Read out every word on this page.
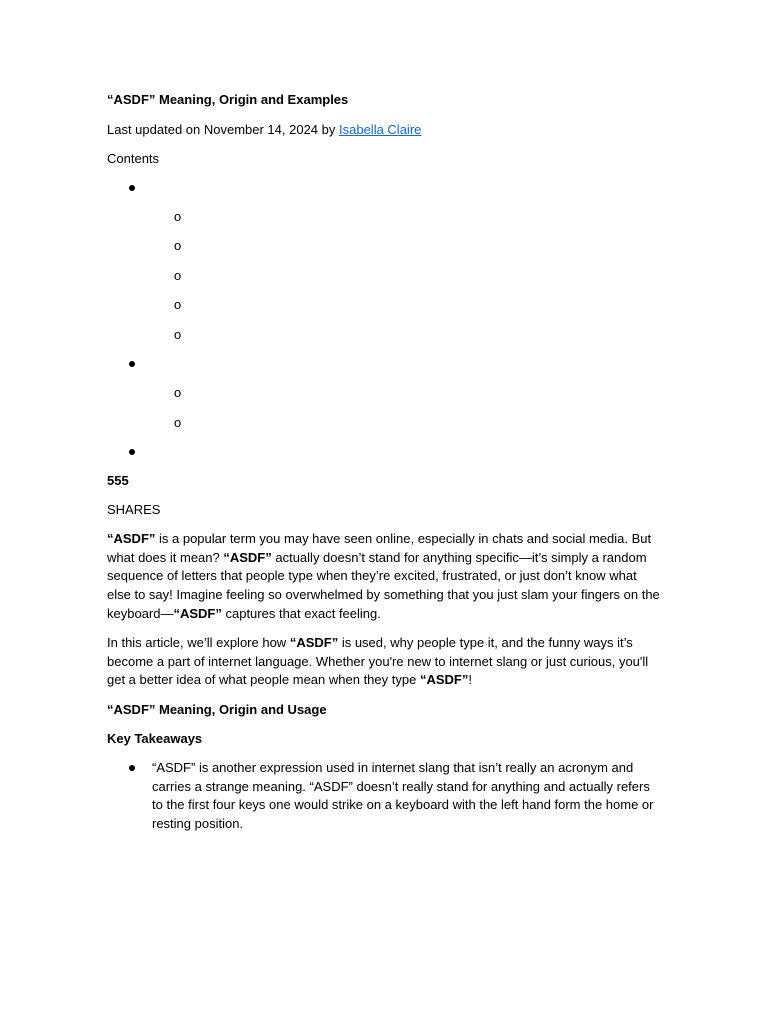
“ASDF” Meaning, Origin and Examples
Last updated on November 14, 2024 by Isabella Claire
Contents
o
o
o
o
o
o
o
555
SHARES
“ASDF” is a popular term you may have seen online, especially in chats and social media. But what does it mean? “ASDF” actually doesn’t stand for anything specific—it’s simply a random sequence of letters that people type when they’re excited, frustrated, or just don’t know what else to say! Imagine feeling so overwhelmed by something that you just slam your fingers on the keyboard—“ASDF” captures that exact feeling.
In this article, we’ll explore how “ASDF” is used, why people type it, and the funny ways it’s become a part of internet language. Whether you're new to internet slang or just curious, you'll get a better idea of what people mean when they type “ASDF”!
“ASDF” Meaning, Origin and Usage
Key Takeaways
“ASDF” is another expression used in internet slang that isn’t really an acronym and carries a strange meaning. “ASDF” doesn’t really stand for anything and actually refers to the first four keys one would strike on a keyboard with the left hand form the home or resting position.
